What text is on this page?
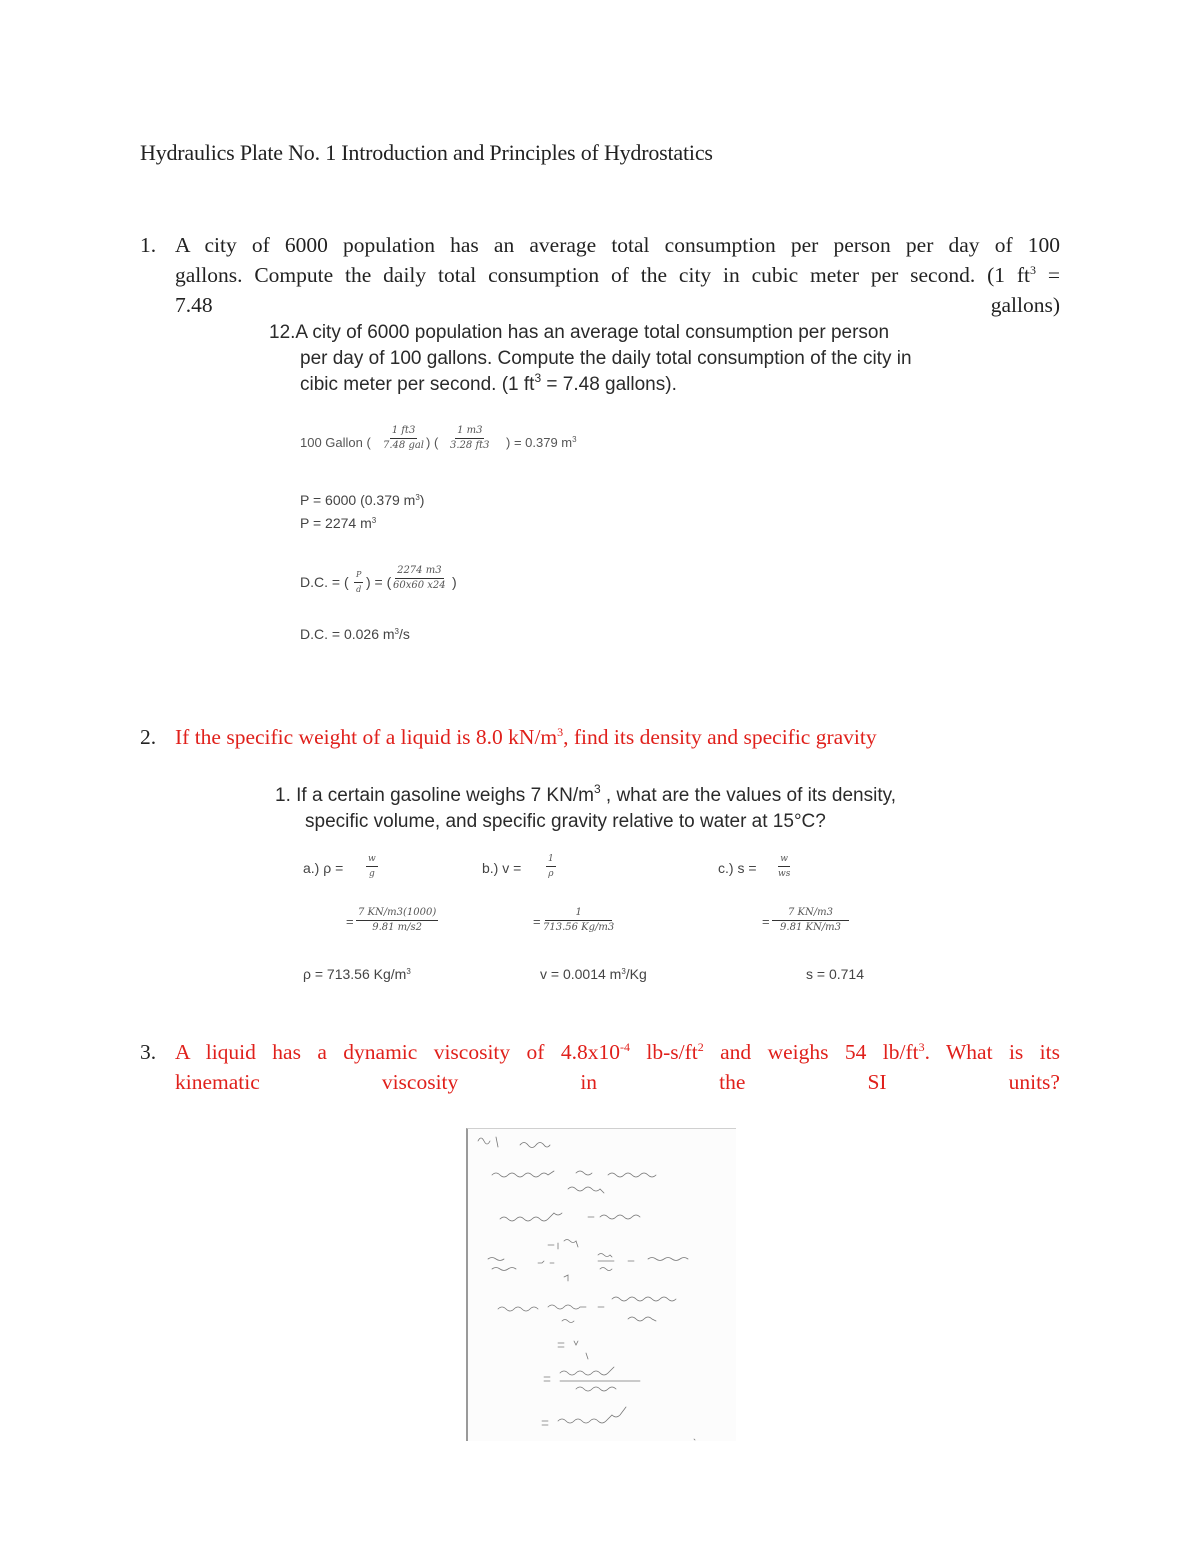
Hydraulics Plate No. 1 Introduction and Principles of Hydrostatics
1. A city of 6000 population has an average total consumption per person per day of 100
gallons. Compute the daily total consumption of the city in cubic meter per second. (1 $ft^3$ =
7.48	gallons)
12.A city of 6000 population has an average total consumption per person
per day of 100 gallons. Compute the daily total consumption of the city in
cibic meter per second. (1 $ft^3 = 7.48$ gallons).
100 Gallon (
1 ft3
7.48 gal ) ( $\frac{1 m3}{3.28 ft3}$ ) = 0.379 $m^3$
P = 6000 (0.379 $m^3$)
P = 2274 $m^3$
D.C. = ( $\frac{P}{d}$ ) = ( $\frac{2274 m3}{60x60 x24}$ )
D.C. = 0.026 $m^3/s$
2. If the specific weight of a liquid is 8.0 $kN/m^3$, find its density and specific gravity
1. If a certain gasoline weighs 7 $KN/m^3$ , what are the values of its density,
specific volume, and specific gravity relative to water at 15°C?
a.) ρ =	$\frac{w}{g}$	b.) v =	$\frac{1}{\rho}$	c.) $s = \frac{w}{ws}$
= $\frac{7 KN/m3(1000)}{9.81 m/s2}$	= $\frac{1}{713.56 Kg/m3}$	= $\frac{7 KN/m3}{9.81 KN/m3}$
ρ = 713.56 $Kg/m^3$	v = 0.0014 $m^3/Kg$	s = 0.714
3. A liquid has a dynamic viscosity of $4.8x10^{-4}$ $lb-s/ft^2$ and weighs 54 $lb/ft^3$. What is its
kinematic	viscosity	in	the	SI	units?
